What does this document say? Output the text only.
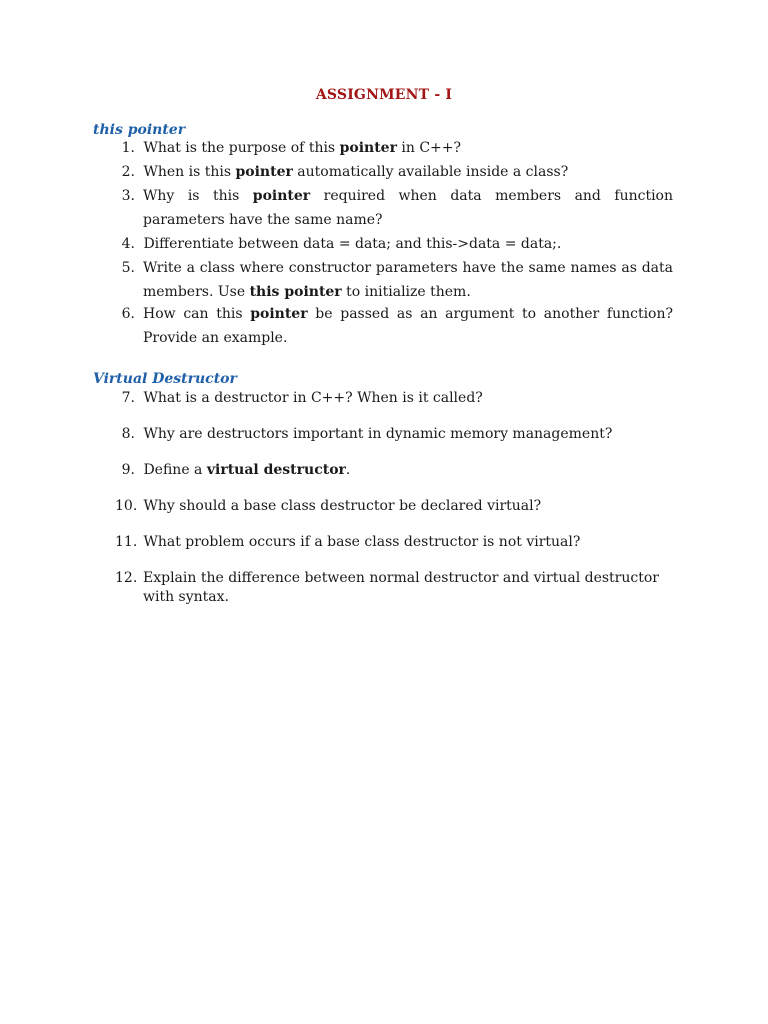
ASSIGNMENT - I
this pointer
1. What is the purpose of this pointer in C++?
2. When is this pointer automatically available inside a class?
3. Why is this pointer required when data members and function parameters have the same name?
4. Differentiate between data = data; and this->data = data;.
5. Write a class where constructor parameters have the same names as data members. Use this pointer to initialize them.
6. How can this pointer be passed as an argument to another function? Provide an example.
Virtual Destructor
7. What is a destructor in C++? When is it called?
8. Why are destructors important in dynamic memory management?
9. Define a virtual destructor.
10. Why should a base class destructor be declared virtual?
11. What problem occurs if a base class destructor is not virtual?
12. Explain the difference between normal destructor and virtual destructor with syntax.
